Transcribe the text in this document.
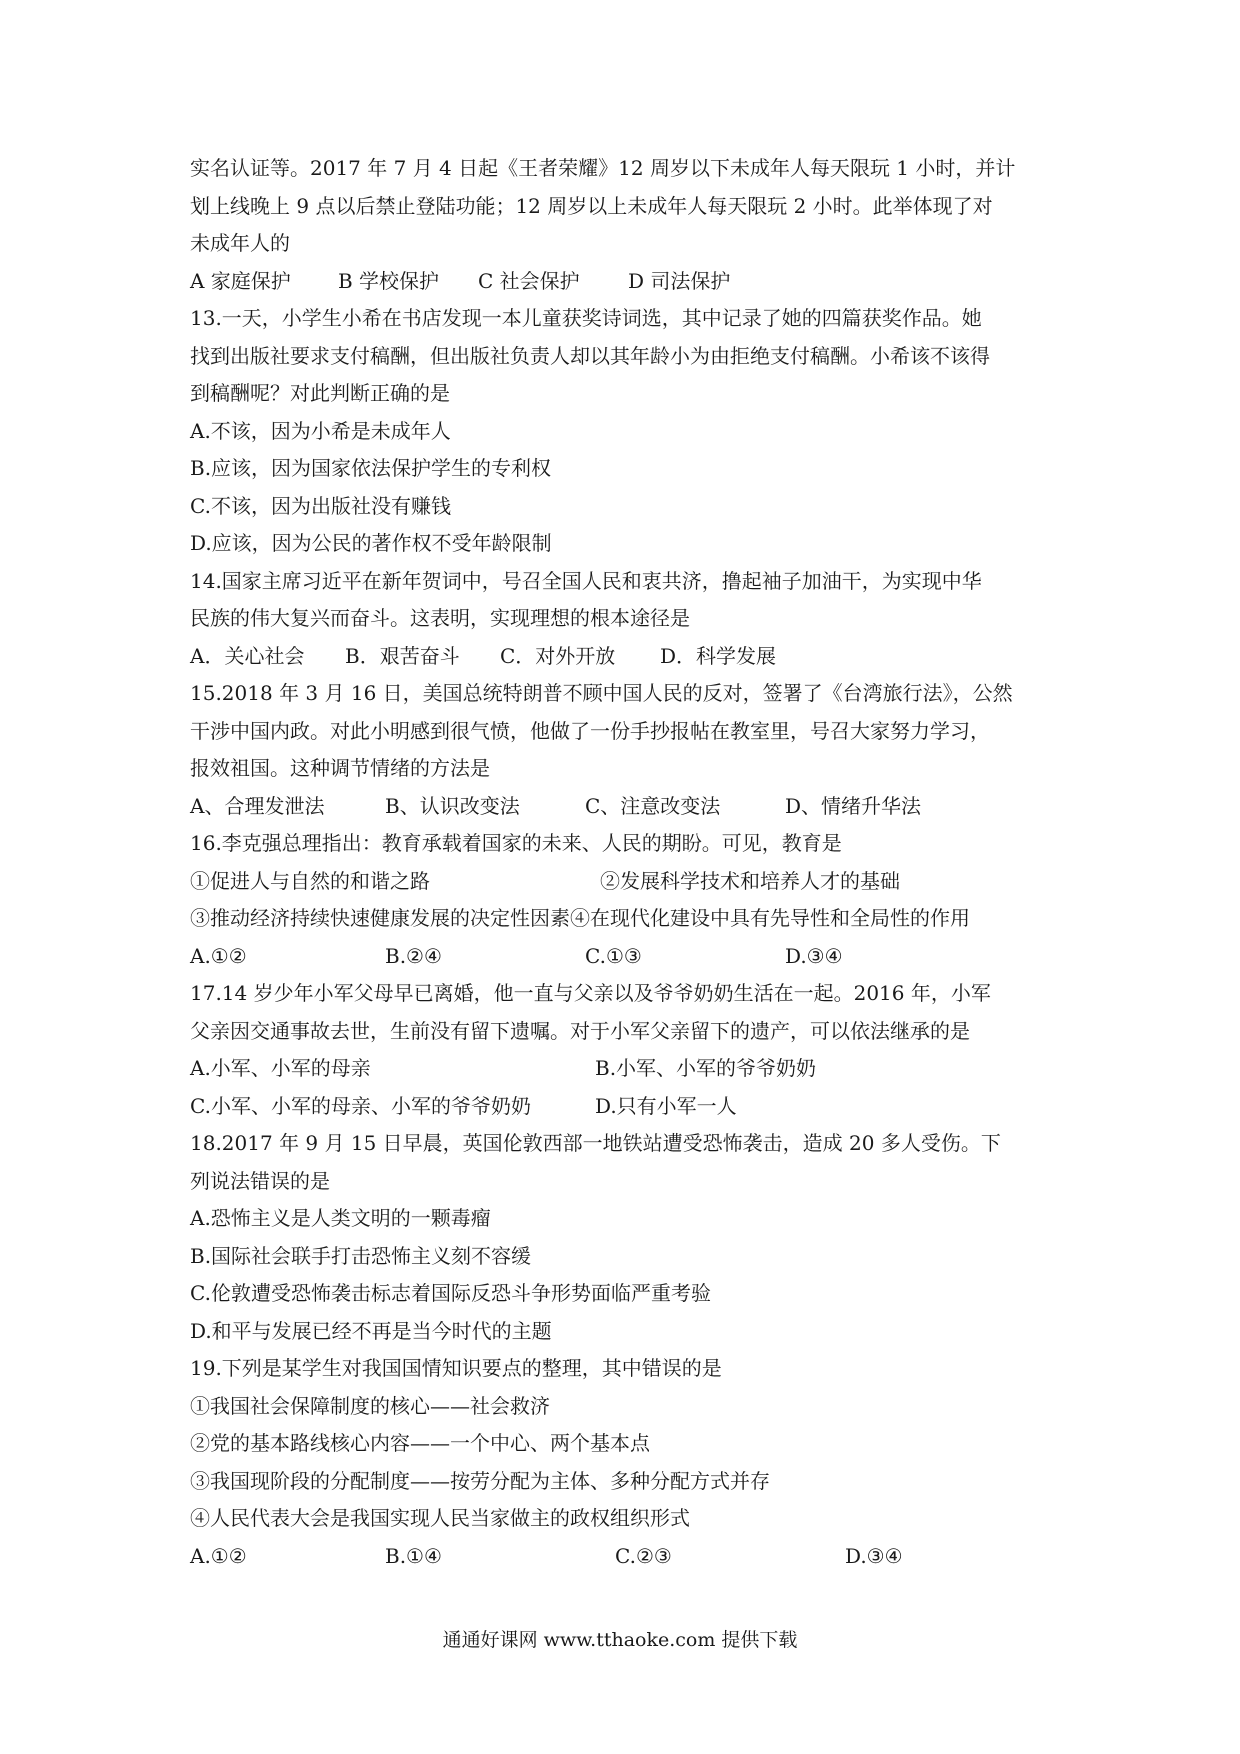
实名认证等。2017 年 7 月 4 日起《王者荣耀》12 周岁以下未成年人每天限玩 1 小时，并计
划上线晚上 9 点以后禁止登陆功能；12 周岁以上未成年人每天限玩 2 小时。此举体现了对
未成年人的
A 家庭保护	B 学校保护	C 社会保护	D 司法保护
13.一天，小学生小希在书店发现一本儿童获奖诗词选，其中记录了她的四篇获奖作品。她
找到出版社要求支付稿酬，但出版社负责人却以其年龄小为由拒绝支付稿酬。小希该不该得
到稿酬呢？对此判断正确的是
A.不该，因为小希是未成年人
B.应该，因为国家依法保护学生的专利权
C.不该，因为出版社没有赚钱
D.应该，因为公民的著作权不受年龄限制
14.国家主席习近平在新年贺词中，号召全国人民和衷共济，撸起袖子加油干，为实现中华
民族的伟大复兴而奋斗。这表明，实现理想的根本途径是
A．关心社会	B．艰苦奋斗	C．对外开放	D．科学发展
15.2018 年 3 月 16 日，美国总统特朗普不顾中国人民的反对，签署了《台湾旅行法》，公然
干涉中国内政。对此小明感到很气愤，他做了一份手抄报帖在教室里，号召大家努力学习，
报效祖国。这种调节情绪的方法是
A、合理发泄法	B、认识改变法	C、注意改变法	D、情绪升华法
16.李克强总理指出：教育承载着国家的未来、人民的期盼。可见，教育是
①促进人与自然的和谐之路	②发展科学技术和培养人才的基础
③推动经济持续快速健康发展的决定性因素④在现代化建设中具有先导性和全局性的作用
A.①②	B.②④	C.①③	D.③④
17.14 岁少年小军父母早已离婚，他一直与父亲以及爷爷奶奶生活在一起。2016 年，小军
父亲因交通事故去世，生前没有留下遗嘱。对于小军父亲留下的遗产，可以依法继承的是
A.小军、小军的母亲	B.小军、小军的爷爷奶奶
C.小军、小军的母亲、小军的爷爷奶奶	D.只有小军一人
18.2017 年 9 月 15 日早晨，英国伦敦西部一地铁站遭受恐怖袭击，造成 20 多人受伤。下
列说法错误的是
A.恐怖主义是人类文明的一颗毒瘤
B.国际社会联手打击恐怖主义刻不容缓
C.伦敦遭受恐怖袭击标志着国际反恐斗争形势面临严重考验
D.和平与发展已经不再是当今时代的主题
19.下列是某学生对我国国情知识要点的整理，其中错误的是
①我国社会保障制度的核心——社会救济
②党的基本路线核心内容——一个中心、两个基本点
③我国现阶段的分配制度——按劳分配为主体、多种分配方式并存
④人民代表大会是我国实现人民当家做主的政权组织形式
A.①②	B.①④	C.②③	D.③④
通通好课网 www.tthaoke.com 提供下载
